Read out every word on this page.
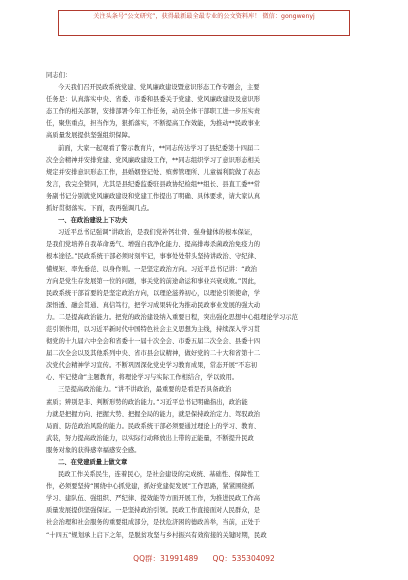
关注头条号“公文研究”，获得最新最全最专业的公文资料库！ 微信：gongwenyj
同志们：
今天我们召开民政系统党建、党风廉政建设暨意识形态工作专题会，主要
任务是：认真落实中央、省委、市委和县委关于党建、党风廉政建设及意识形
态工作的相关部署，安排部署今年工作任务，动员全体干部职工进一步压实责
任，聚焦重点，担当作为，狠抓落实，不断提高工作效能，为推动**民政事业
高质量发展提供坚强组织保障。
前面，大家一起观看了警示教育片，**同志传达学习了县纪委第十四届二
次全会精神并安排党建、党风廉政建设工作，**同志组织学习了意识形态相关
规定并安排意识形态工作，县婚姻登记处、殡葬管理所、儿童福利院做了表态
发言，我完全赞同，尤其是县纪委监委驻县政协纪检组**组长、县直工委**常
务副书记分别就党风廉政建设和党建工作提出了明确、具体要求，请大家认真
抓好贯彻落实。下面，我再强调几点。
一、在政治建设上下功夫
习近平总书记强调“讲政治，是我们党补钙壮骨、强身健体的根本保证，
是我们党培养自我革命勇气、增强自我净化能力、提高排毒杀菌政治免疫力的
根本途径。”民政系统干部必须时刻牢记，事事处处带头坚持讲政治、守纪律、
懂规矩、率先垂范、以身作则。一是坚定政治方向。习近平总书记讲：“政治
方向是党生存发展第一位的问题，事关党的前途命运和事业兴衰成败。”因此，
民政系统干部首要的是坚定政治方向，以理论滋养初心，以理论引领使命，学
深悟透、融会贯通、真信笃行，把学习成果转化为推动民政事业发展的强大动
力。二是提高政治能力。把党的政治建设纳入重要日程，突出强化思想中心组理论学习示范
范引领作用，以习近平新时代中国特色社会主义思想为主线，持续深入学习贯
彻党的十九届六中全会和省委十一届十次全会、市委五届二次全会、县委十四
届二次全会以及其他系列中央、省市县会议精神，做好党的二十大和省第十二
次党代会精神学习宣传。不断巩固深化党史学习教育成果，常态开展“不忘初
心、牢记使命”主题教育，将理论学习与实际工作相结合，学以致用。
三是提高政治能力。“讲不讲政治，最重要的是看是否具备政治
素质；辨别是非、判断形势的政治能力。”习近平总书记明确指出，政治能
力就是把握方向、把握大势、把握全局的能力，就是保持政治定力、驾驭政治
局面、防范政治风险的能力。民政系统干部必须要通过理论上的学习、教育、
武装，努力提高政治能力，以实际行动释放出上带的正能量，不断提升民政
服务对象的获得感幸福感安全感。
二、在党建质量上做文章
民政工作关系民生，连着民心，是社会建设的完成统、基础性、保障性工
作，必须要坚持“围绕中心抓党建，抓好党建促发展”工作思路，紧紧围绕抓
学习、建队伍、强组织、严纪律、提效能等方面开展工作，为推进民政工作高
质量发展提供坚强保证。一是坚持政治引领。民政工作直接面对人民群众，是
社会治理和社会服务的重要组成部分，是扶危济困的德政善举，当前，正处于
“十四五”规划承上启下之年，是脱贫攻坚与乡村振兴有效衔接的关键时期，民政
QQ群：31991489 QQ：535304092
